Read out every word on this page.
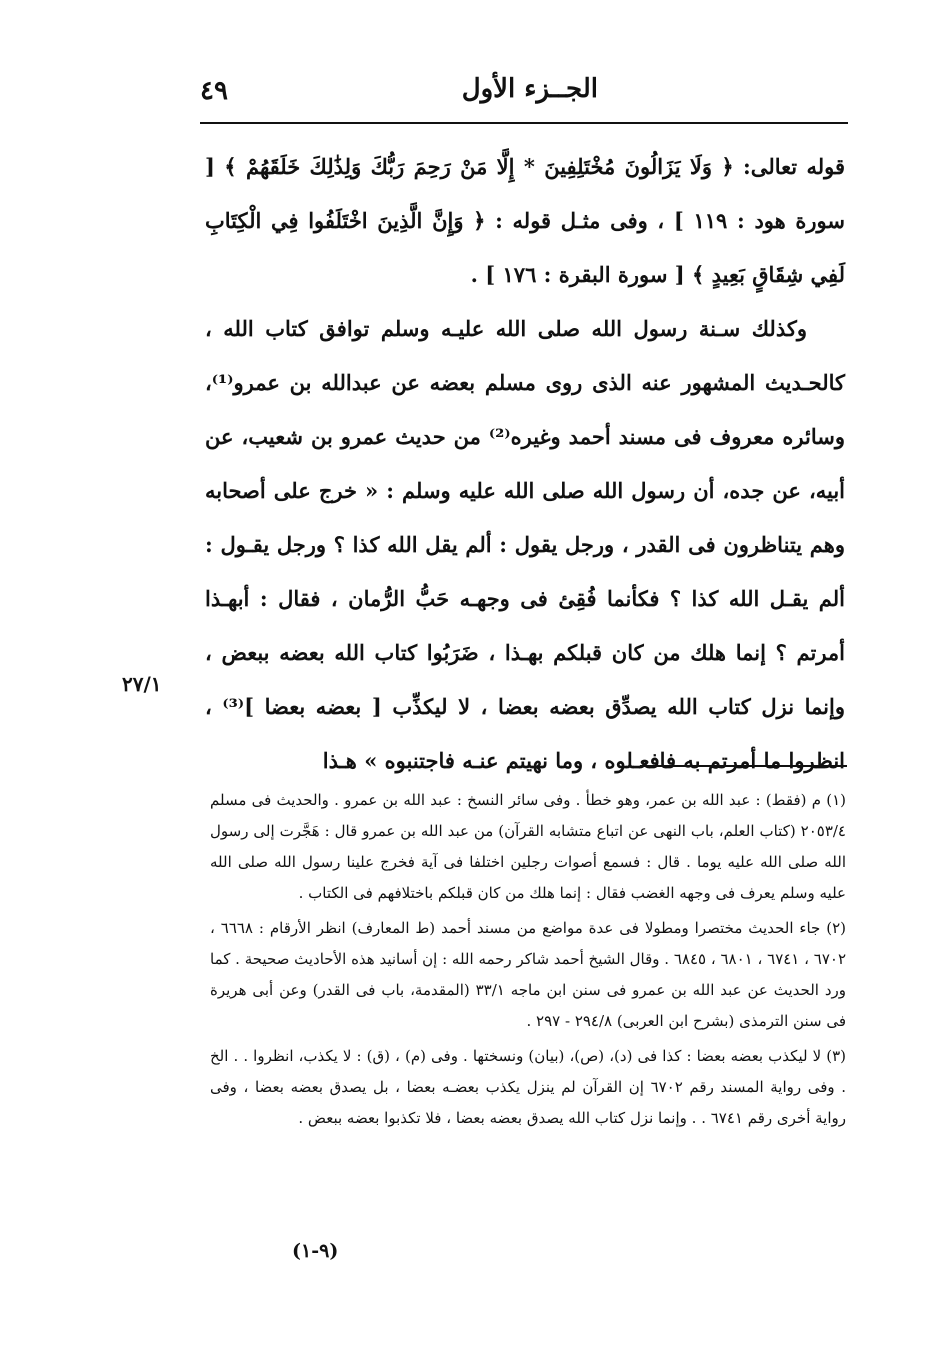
الجــزء الأول
٤٩

قوله تعالى: ﴿ وَلَا يَزَالُونَ مُخْتَلِفِينَ * إِلَّا مَنْ رَحِمَ رَبُّكَ وَلِذَٰلِكَ خَلَقَهُمْ ﴾ [ سورة هود : ١١٩ ] ، وفى مثـل قوله : ﴿ وَإِنَّ الَّذِينَ اخْتَلَفُوا فِي الْكِتَابِ لَفِي شِقَاقٍ بَعِيدٍ ﴾ [ سورة البقرة : ١٧٦ ] .

وكذلك سـنة رسول الله صلى الله عليـه وسلم توافق كتاب الله ، كالحـديث المشهور عنه الذى روى مسلم بعضه عن عبدالله بن عمرو⁽¹⁾، وسائره معروف فى مسند أحمد وغيره⁽²⁾ من حديث عمرو بن شعيب، عن أبيه، عن جده، أن رسول الله صلى الله عليه وسلم : « خرج على أصحابه وهم يتناظرون فى القدر ، ورجل يقول : ألم يقل الله كذا ؟ ورجل يقـول : ألم يقـل الله كذا ؟ فكأنما فُقِئ فى وجهـه حَبُّ الرُّمان ، فقال : أبهـذا أمرتم ؟ إنما هلك من كان قبلكم بهـذا ، ضَرَبُوا كتاب الله بعضه ببعض ، وإنما نزل كتاب الله يصدِّق بعضه بعضا ، لا ليكذِّب [ بعضه بعضا ]⁽³⁾ ، انظروا ما أمرتم به فافعـلوه ، وما نهيتم عنـه فاجتنبوه » هـذا

٢٧/١

(١) م (فقط) : عبد الله بن عمر، وهو خطأ . وفى سائر النسخ : عبد الله بن عمرو . والحديث فى مسلم ٢٠٥٣/٤ (كتاب العلم، باب النهى عن اتباع متشابه القرآن) من عبد الله بن عمرو قال : هَجَّرت إلى رسول الله صلى الله عليه يوما . قال : فسمع أصوات رجلين اختلفا فى آية فخرج علينا رسول الله صلى الله عليه وسلم يعرف فى وجهه الغضب فقال : إنما هلك من كان قبلكم باختلافهم فى الكتاب .

(٢) جاء الحديث مختصرا ومطولا فى عدة مواضع من مسند أحمد (ط المعارف) انظر الأرقام : ٦٦٦٨ ، ٦٧٠٢ ، ٦٧٤١ ، ٦٨٠١ ، ٦٨٤٥ . وقال الشيخ أحمد شاكر رحمه الله : إن أسانيد هذه الأحاديث صحيحة . كما ورد الحديث عن عبد الله بن عمرو فى سنن ابن ماجه ٣٣/١ (المقدمة، باب فى القدر) وعن أبى هريرة فى سنن الترمذى (بشرح ابن العربى) ٢٩٤/٨ - ٢٩٧ .

(٣) لا ليكذب بعضه بعضا : كذا فى (د)، (ص)، (بيان) ونسختها . وفى (م) ، (ق) : لا يكذب، انظروا . . الخ . وفى رواية المسند رقم ٦٧٠٢ إن القرآن لم ينزل يكذب بعضـه بعضا ، بل يصدق بعضه بعضا ، وفى رواية أخرى رقم ٦٧٤١ . . وإنما نزل كتاب الله يصدق بعضه بعضا ، فلا تكذبوا بعضه ببعض .

(٩-١)
